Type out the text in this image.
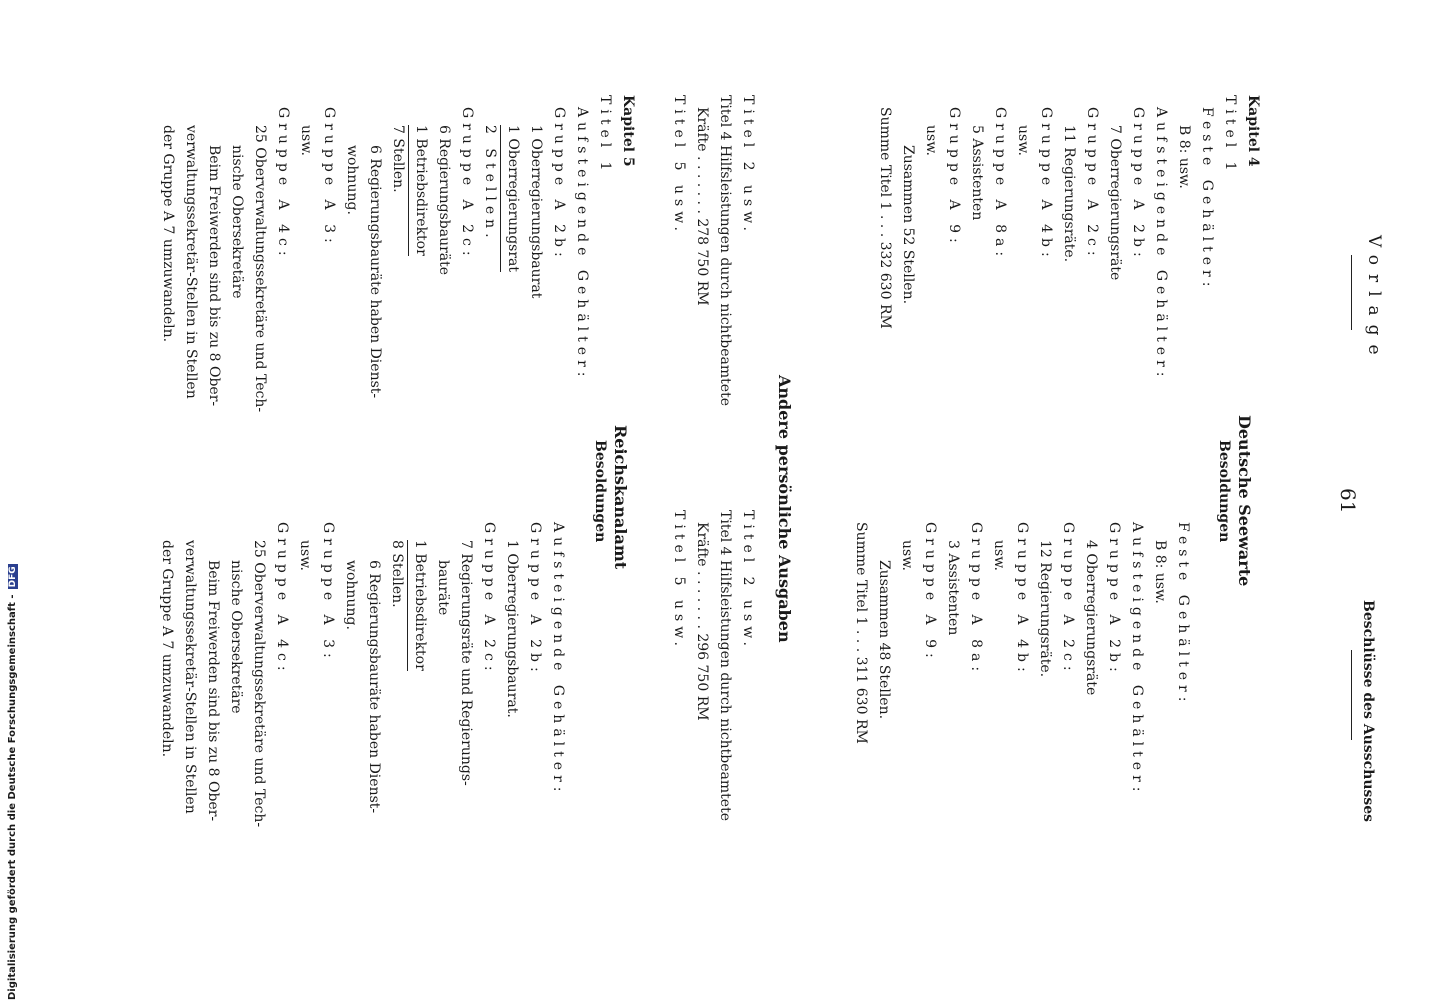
Vorlage
61
Beschlüsse des Ausschusses
Deutsche Seewarte
Besoldungen
Andere persönliche Ausgaben
Reichskanalamt
Besoldungen
Kapitel 4
Titel 1
Feste Gehälter:
B 8: usw.
Aufsteigende Gehälter:
Gruppe A 2b:
7 Oberregierungsräte
Gruppe A 2c:
11 Regierungsräte.
Gruppe A 4b:
usw.
Gruppe A 8a:
5 Assistenten
Gruppe A 9:
usw.
Zusammen 52 Stellen.
Summe Titel 1 . . . 332 630 RM
Titel 2 usw.
Titel 4 Hilfsleistungen durch nichtbeamtete
Kräfte . . . . . . . 278 750 RM
Titel 5 usw.
Kapitel 5
Titel 1
Aufsteigende Gehälter:
Gruppe A 2b:
1 Oberregierungsbaurat
1 Oberregierungsrat
2 Stellen.
Gruppe A 2c:
6 Regierungsbauräte
1 Betriebsdirektor
7 Stellen.
6 Regierungsbauräte haben Dienst-
wohnung.
Gruppe A 3:
usw.
Gruppe A 4c:
25 Oberverwaltungssekretäre und Tech-
nische Obersekretäre
Beim Freiwerden sind bis zu 8 Ober-
verwaltungssekretär-Stellen in Stellen
der Gruppe A 7 umzuwandeln.
Feste Gehälter:
B 8: usw.
Aufsteigende Gehälter:
Gruppe A 2b:
4 Oberregierungsräte
Gruppe A 2c:
12 Regierungsräte.
Gruppe A 4b:
usw.
Gruppe A 8a:
3 Assistenten
Gruppe A 9:
usw.
Zusammen 48 Stellen.
Summe Titel 1 . . . 311 630 RM
Titel 2 usw.
Titel 4 Hilfsleistungen durch nichtbeamtete
Kräfte . . . . . . . 296 750 RM
Titel 5 usw.
Aufsteigende Gehälter:
Gruppe A 2b:
1 Oberregierungsbaurat.
Gruppe A 2c:
7 Regierungsräte und Regierungs-
bauräte
1 Betriebsdirektor
8 Stellen.
6 Regierungsbauräte haben Dienst-
wohnung.
Gruppe A 3:
usw.
Gruppe A 4c:
25 Oberverwaltungssekretäre und Tech-
nische Obersekretäre
Beim Freiwerden sind bis zu 8 Ober-
verwaltungssekretär-Stellen in Stellen
der Gruppe A 7 umzuwandeln.
Digitalisierung gefördert durch die Deutsche Forschungsgemeinschaft - DFG
